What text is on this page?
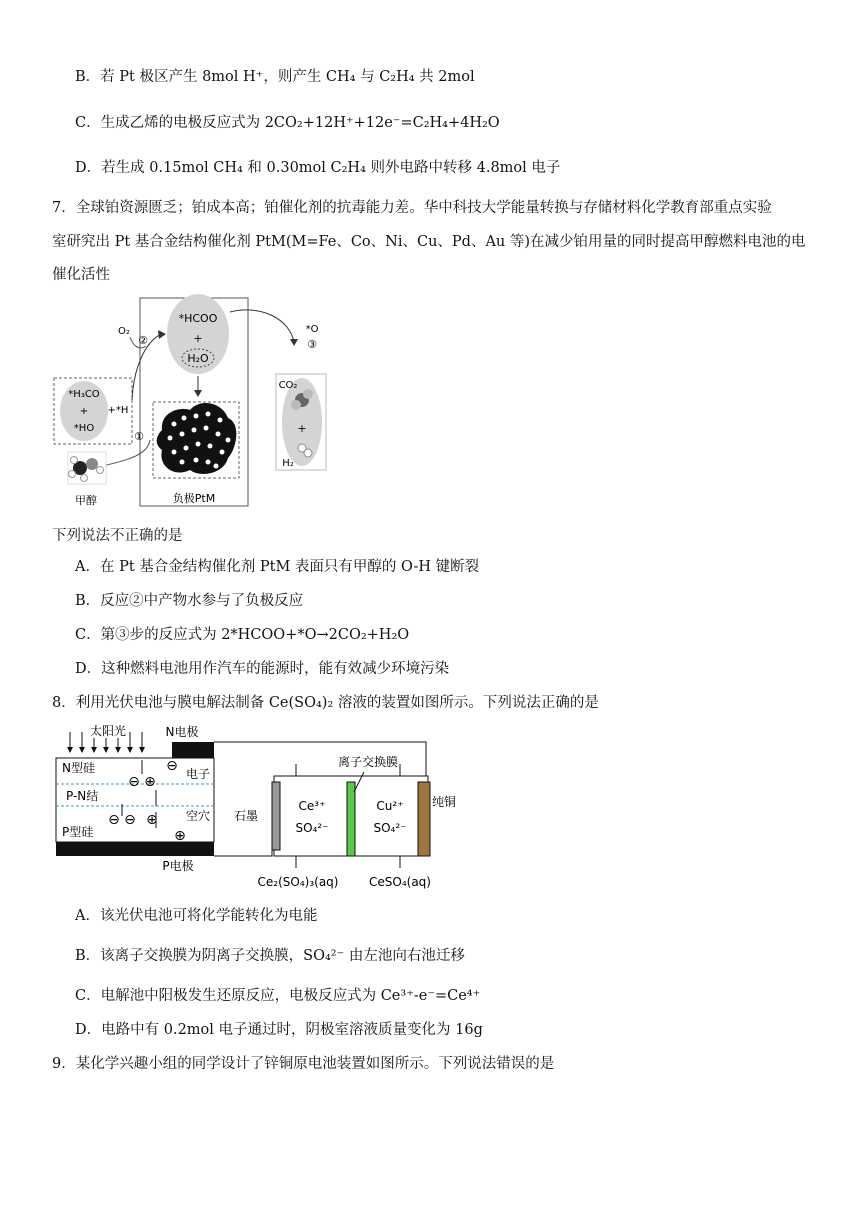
B．若 Pt 极区产生 8mol H⁺，则产生 CH₄ 与 C₂H₄ 共 2mol
C．生成乙烯的电极反应式为 2CO₂+12H⁺+12e⁻=C₂H₄+4H₂O
D．若生成 0.15mol CH₄ 和 0.30mol C₂H₄ 则外电路中转移 4.8mol 电子
7．全球铂资源匮乏；铂成本高；铂催化剂的抗毒能力差。华中科技大学能量转换与存储材料化学教育部重点实验
室研究出 Pt 基合金结构催化剂 PtM(M=Fe、Co、Ni、Cu、Pd、Au 等)在减少铂用量的同时提高甲醇燃料电池的电
催化活性
*HCOO
+
H₂O
负极PtM
*H₃CO
+
*HO
+*H
①
O₂
②
甲醇
*O
③
CO₂
+
H₂
下列说法不正确的是
A．在 Pt 基合金结构催化剂 PtM 表面只有甲醇的 O-H 键断裂
B．反应②中产物水参与了负极反应
C．第③步的反应式为 2*HCOO+*O→2CO₂+H₂O
D．这种燃料电池用作汽车的能源时，能有效减少环境污染
8．利用光伏电池与膜电解法制备 Ce(SO₄)₂ 溶液的装置如图所示。下列说法正确的是
太阳光	N电极
N型硅
P-N结
P型硅
电子
空穴
⊖ ⊕
⊖
⊖ ⊖ ⊕
⊕
P电极
石墨
离子交换膜
纯铜
Ce³⁺
SO₄²⁻
Cu²⁺
SO₄²⁻
Ce₂(SO₄)₃(aq)	CeSO₄(aq)
A．该光伏电池可将化学能转化为电能
B．该离子交换膜为阴离子交换膜，SO₄²⁻ 由左池向右池迁移
C．电解池中阳极发生还原反应，电极反应式为 Ce³⁺-e⁻=Ce⁴⁺
D．电路中有 0.2mol 电子通过时，阴极室溶液质量变化为 16g
9．某化学兴趣小组的同学设计了锌铜原电池装置如图所示。下列说法错误的是
